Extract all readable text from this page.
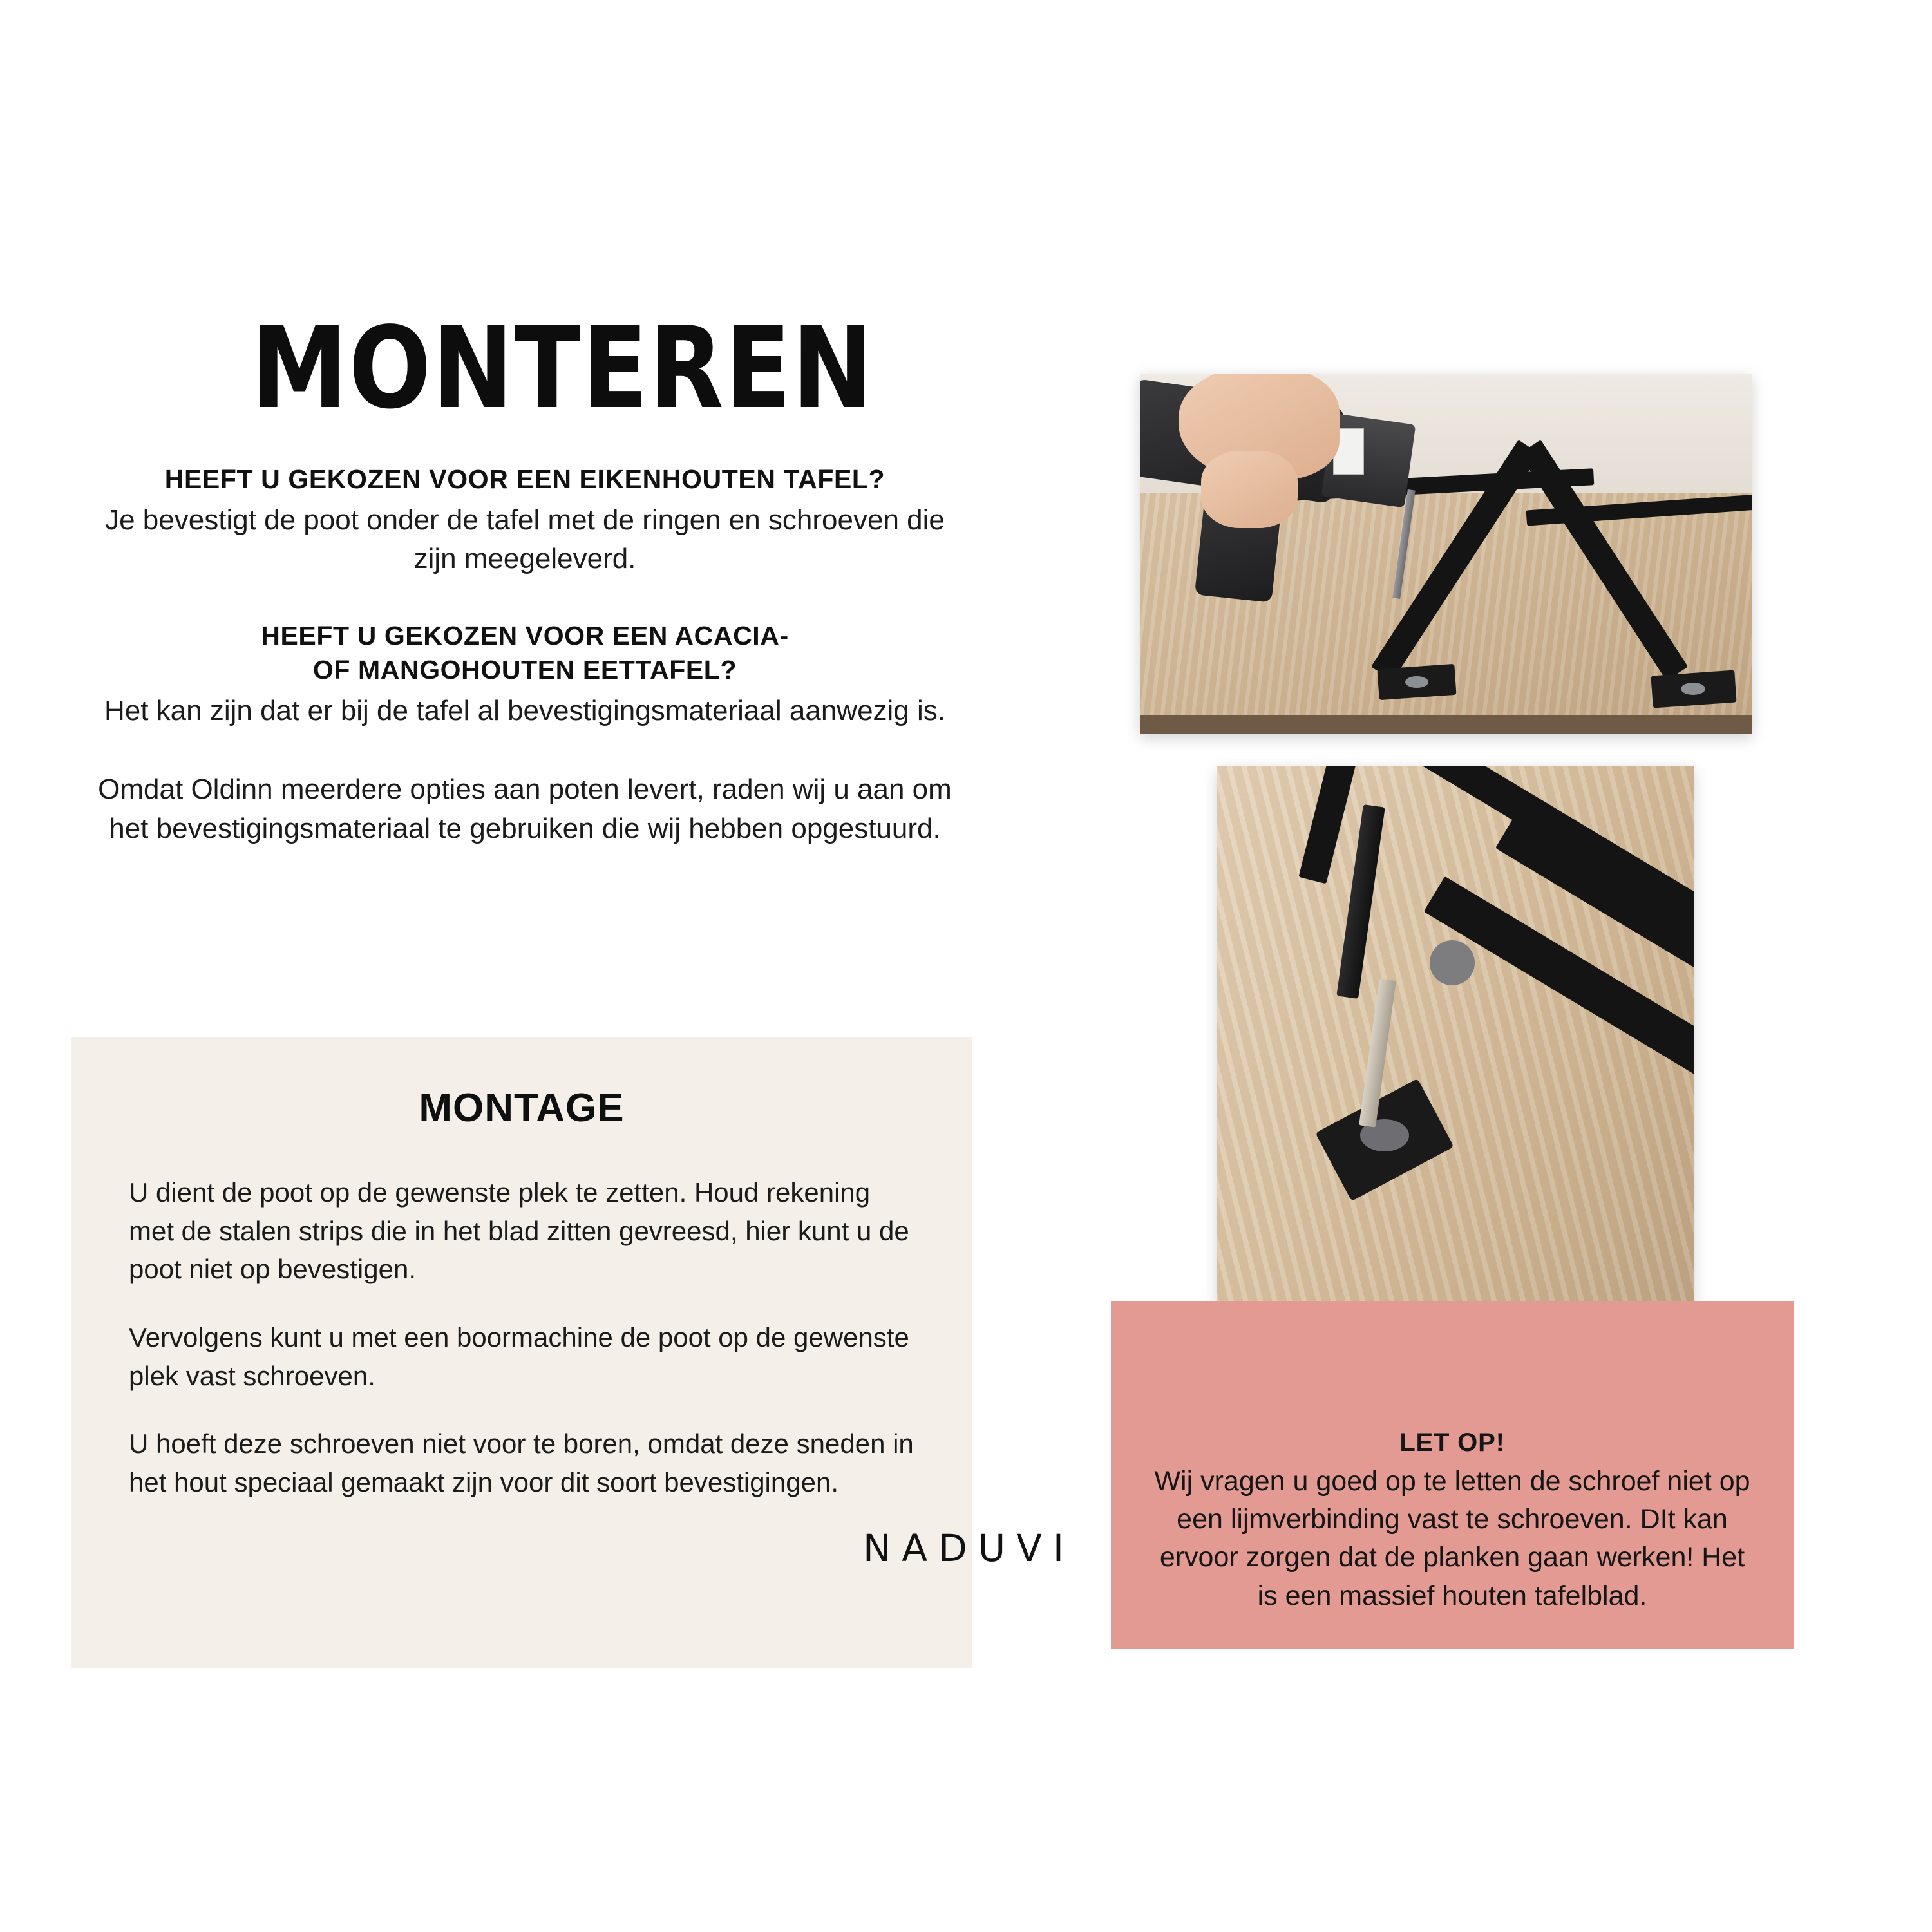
MONTEREN

HEEFT U GEKOZEN VOOR EEN EIKENHOUTEN TAFEL?

Je bevestigt de poot onder de tafel met de ringen en schroeven die zijn meegeleverd.

HEEFT U GEKOZEN VOOR EEN ACACIA-

OF MANGOHOUTEN EETTAFEL?

Het kan zijn dat er bij de tafel al bevestigingsmateriaal aanwezig is.

Omdat Oldinn meerdere opties aan poten levert, raden wij u aan om het bevestigingsmateriaal te gebruiken die wij hebben opgestuurd.

MONTAGE

U dient de poot op de gewenste plek te zetten. Houd rekening met de stalen strips die in het blad zitten gevreesd, hier kunt u de poot niet op bevestigen.

Vervolgens kunt u met een boormachine de poot op de gewenste plek vast schroeven.

U hoeft deze schroeven niet voor te boren, omdat deze sneden in het hout speciaal gemaakt zijn voor dit soort bevestigingen.

NADUVI

LET OP!

Wij vragen u goed op te letten de schroef niet op een lijmverbinding vast te schroeven. DIt kan ervoor zorgen dat de planken gaan werken! Het is een massief houten tafelblad.
